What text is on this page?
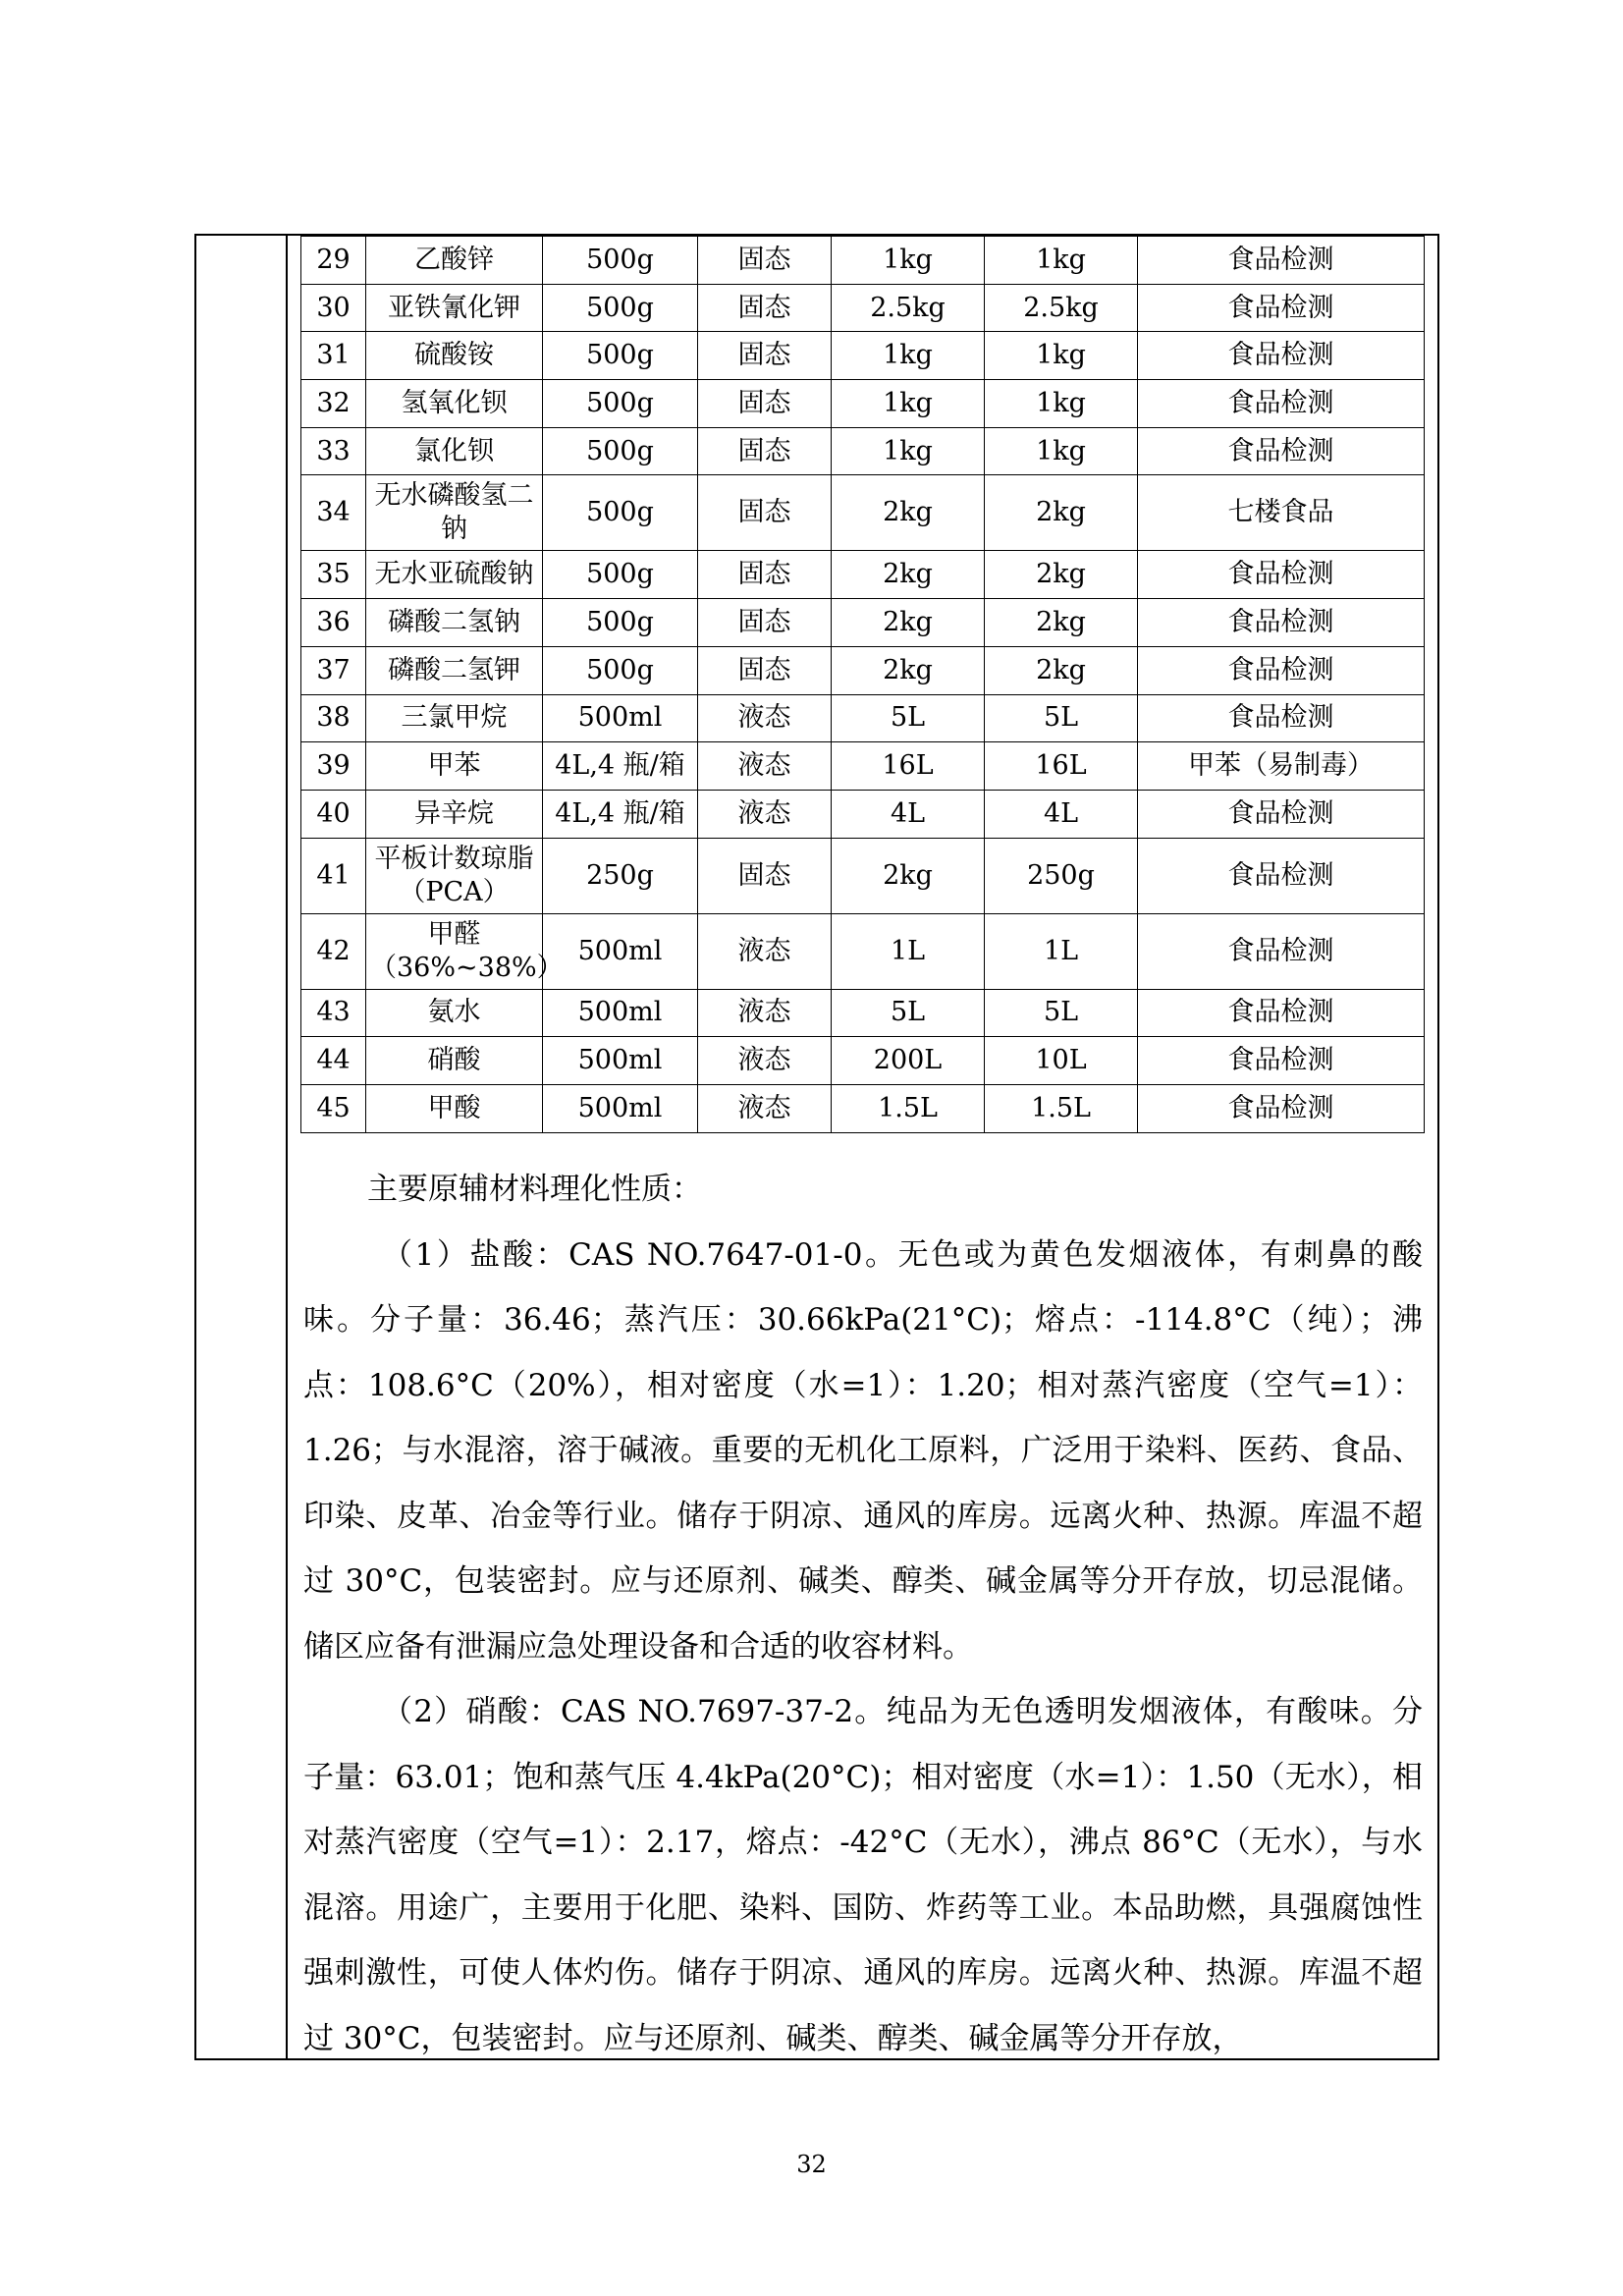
29	乙酸锌	500g	固态	1kg	1kg	食品检测
30	亚铁氰化钾	500g	固态	2.5kg	2.5kg	食品检测
31	硫酸铵	500g	固态	1kg	1kg	食品检测
32	氢氧化钡	500g	固态	1kg	1kg	食品检测
33	氯化钡	500g	固态	1kg	1kg	食品检测
34	无水磷酸氢二钠	500g	固态	2kg	2kg	七楼食品
35	无水亚硫酸钠	500g	固态	2kg	2kg	食品检测
36	磷酸二氢钠	500g	固态	2kg	2kg	食品检测
37	磷酸二氢钾	500g	固态	2kg	2kg	食品检测
38	三氯甲烷	500ml	液态	5L	5L	食品检测
39	甲苯	4L,4 瓶/箱	液态	16L	16L	甲苯（易制毒）
40	异辛烷	4L,4 瓶/箱	液态	4L	4L	食品检测
41	平板计数琼脂（PCA）	250g	固态	2kg	250g	食品检测
42	甲醛（36%~38%）	500ml	液态	1L	1L	食品检测
43	氨水	500ml	液态	5L	5L	食品检测
44	硝酸	500ml	液态	200L	10L	食品检测
45	甲酸	500ml	液态	1.5L	1.5L	食品检测

主要原辅材料理化性质：

（1）盐酸：CAS NO.7647-01-0。无色或为黄色发烟液体，有刺鼻的酸味。分子量：36.46；蒸汽压：30.66kPa(21°C)；熔点：-114.8°C（纯）；沸点：108.6°C（20%），相对密度（水=1）：1.20；相对蒸汽密度（空气=1）：1.26；与水混溶，溶于碱液。重要的无机化工原料，广泛用于染料、医药、食品、印染、皮革、冶金等行业。储存于阴凉、通风的库房。远离火种、热源。库温不超过 30°C，包装密封。应与还原剂、碱类、醇类、碱金属等分开存放，切忌混储。储区应备有泄漏应急处理设备和合适的收容材料。

（2）硝酸：CAS NO.7697-37-2。纯品为无色透明发烟液体，有酸味。分子量：63.01；饱和蒸气压 4.4kPa(20°C)；相对密度（水=1）：1.50（无水），相对蒸汽密度（空气=1）：2.17，熔点：-42°C（无水），沸点 86°C（无水），与水混溶。用途广，主要用于化肥、染料、国防、炸药等工业。本品助燃，具强腐蚀性强刺激性，可使人体灼伤。储存于阴凉、通风的库房。远离火种、热源。库温不超过 30°C，包装密封。应与还原剂、碱类、醇类、碱金属等分开存放，

32
